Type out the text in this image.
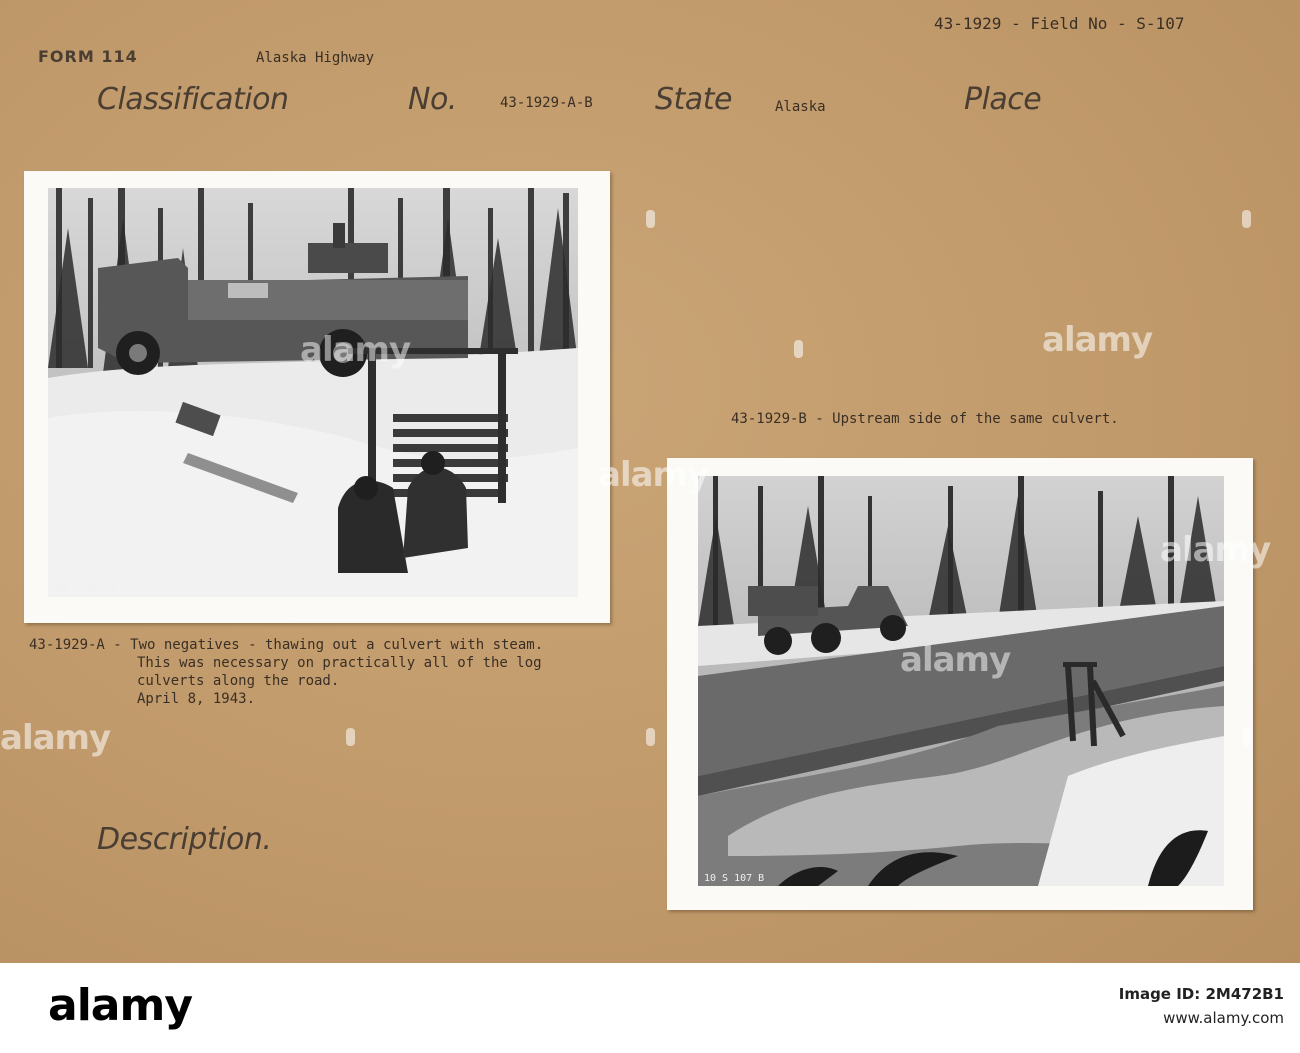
43-1929 - Field No - S-107
FORM 114	Alaska Highway
Classification	No.	43-1929-A-B State	Alaska	Place
Description.
10 S 107 A
43-1929-A - Two negatives - thawing out a culvert with steam.
This was necessary on practically all of the log
culverts along the road.
April 8, 1943.
43-1929-B - Upstream side of the same culvert.
10 S 107 B
alamy
alamy
alamy
alamy
alamy
alamy
alamy	Image ID: 2M472B1
www.alamy.com
